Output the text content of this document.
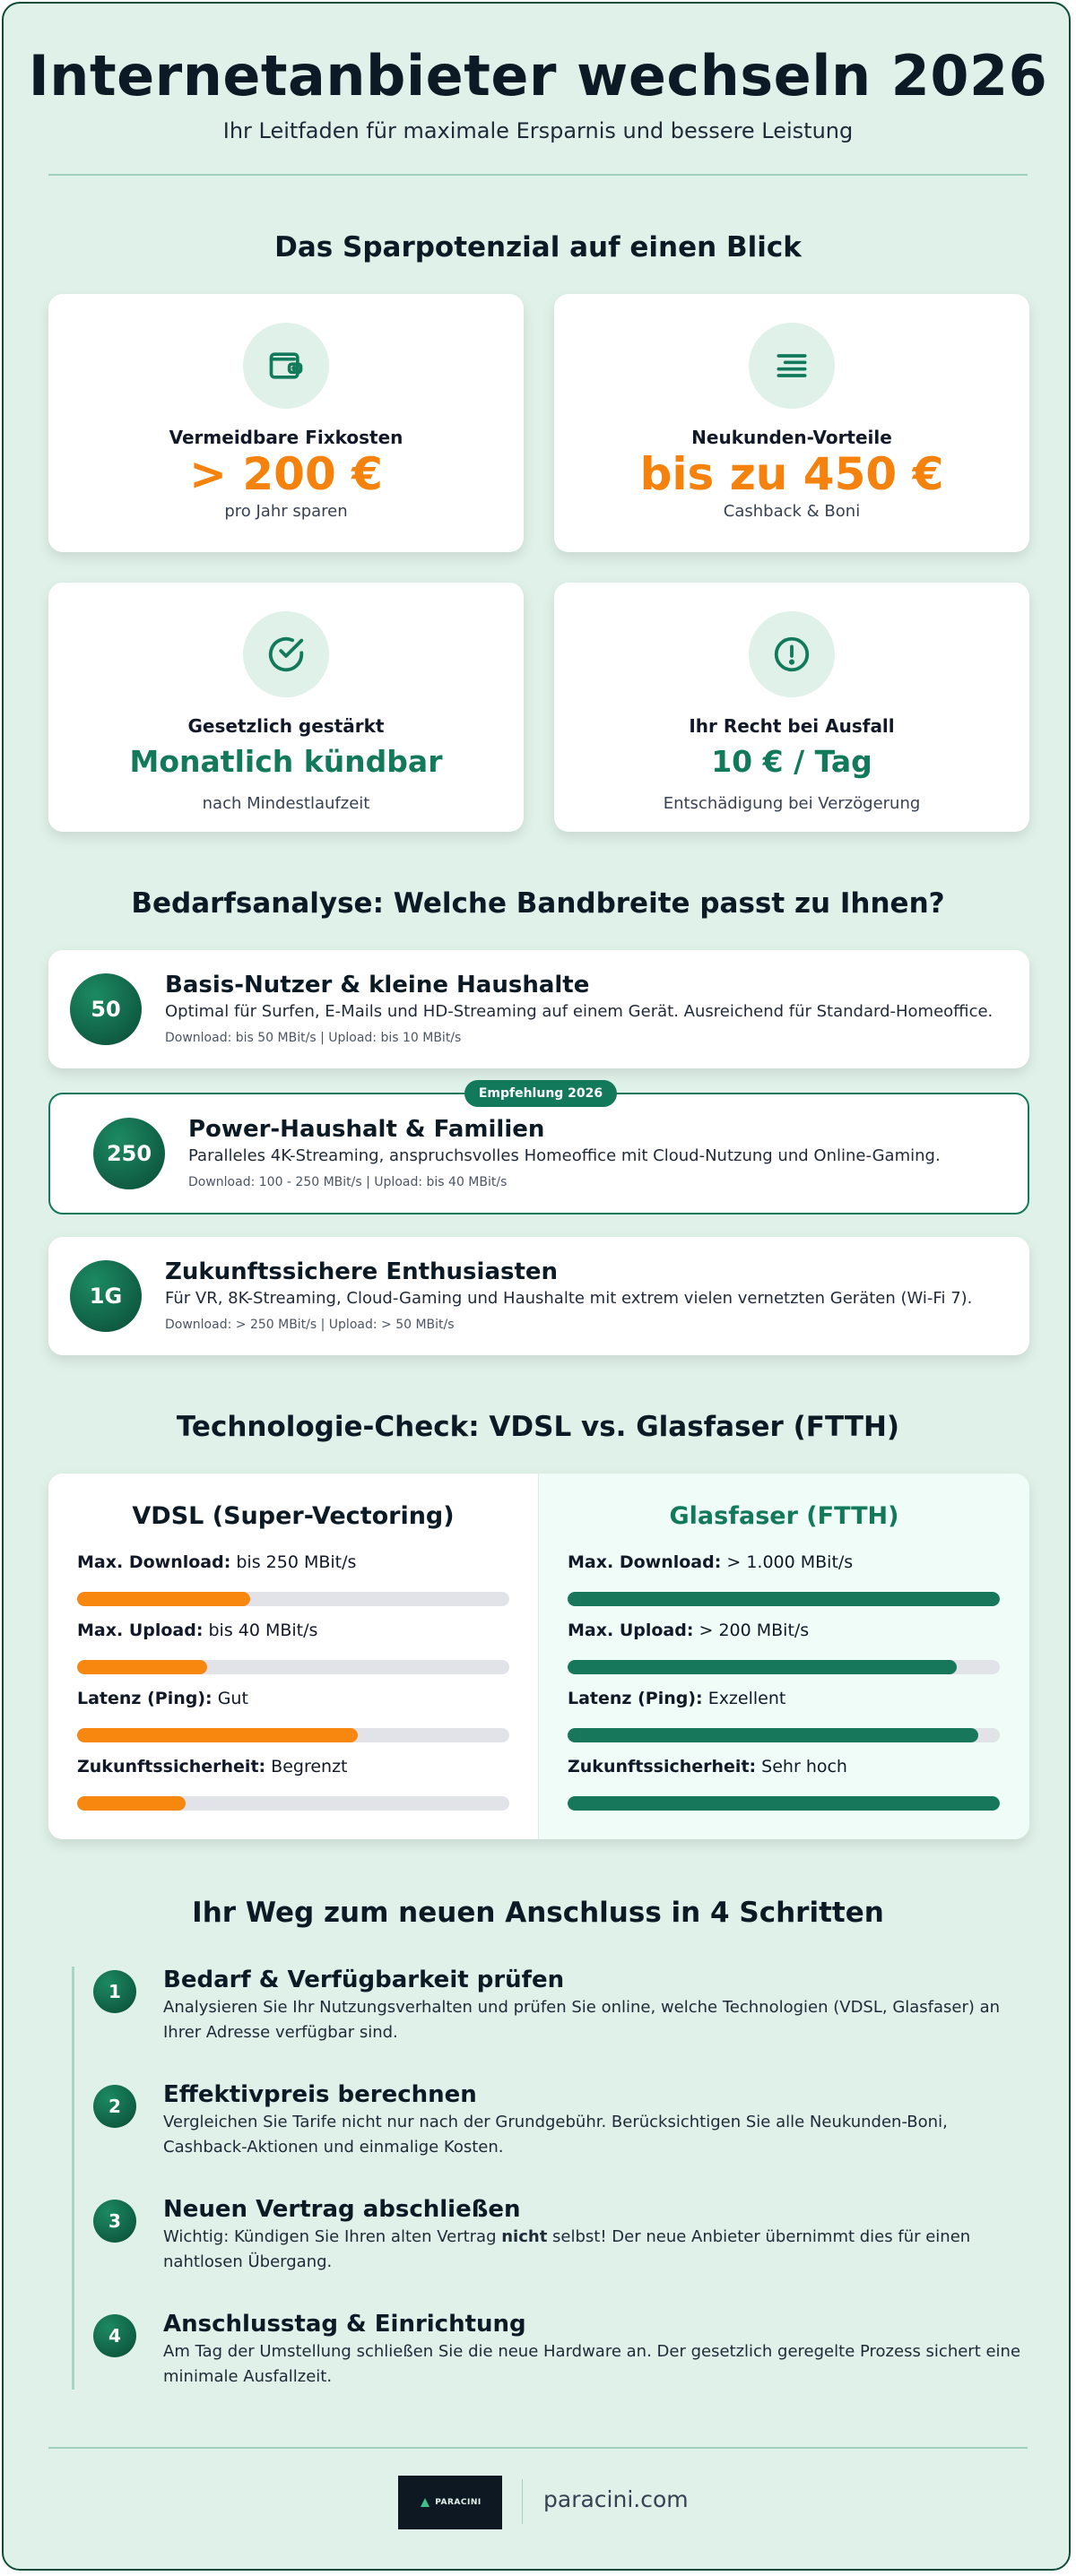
Internetanbieter wechseln 2026
Ihr Leitfaden für maximale Ersparnis und bessere Leistung
Das Sparpotenzial auf einen Blick
Vermeidbare Fixkosten
> 200 €
pro Jahr sparen
Neukunden-Vorteile
bis zu 450 €
Cashback & Boni
Gesetzlich gestärkt
Monatlich kündbar
nach Mindestlaufzeit
Ihr Recht bei Ausfall
10 € / Tag
Entschädigung bei Verzögerung
Bedarfsanalyse: Welche Bandbreite passt zu Ihnen?
50
Basis-Nutzer & kleine Haushalte
Optimal für Surfen, E-Mails und HD-Streaming auf einem Gerät. Ausreichend für Standard-Homeoffice.
Download: bis 50 MBit/s | Upload: bis 10 MBit/s
Empfehlung 2026
250
Power-Haushalt & Familien
Paralleles 4K-Streaming, anspruchsvolles Homeoffice mit Cloud-Nutzung und Online-Gaming.
Download: 100 - 250 MBit/s | Upload: bis 40 MBit/s
1G
Zukunftssichere Enthusiasten
Für VR, 8K-Streaming, Cloud-Gaming und Haushalte mit extrem vielen vernetzten Geräten (Wi-Fi 7).
Download: > 250 MBit/s | Upload: > 50 MBit/s
Technologie-Check: VDSL vs. Glasfaser (FTTH)
VDSL (Super-Vectoring)
Max. Download: bis 250 MBit/s
Max. Upload: bis 40 MBit/s
Latenz (Ping): Gut
Zukunftssicherheit: Begrenzt
Glasfaser (FTTH)
Max. Download: > 1.000 MBit/s
Max. Upload: > 200 MBit/s
Latenz (Ping): Exzellent
Zukunftssicherheit: Sehr hoch
Ihr Weg zum neuen Anschluss in 4 Schritten
1	Bedarf & Verfügbarkeit prüfen
Analysieren Sie Ihr Nutzungsverhalten und prüfen Sie online, welche Technologien (VDSL, Glasfaser) an Ihrer Adresse verfügbar sind.
2	Effektivpreis berechnen
Vergleichen Sie Tarife nicht nur nach der Grundgebühr. Berücksichtigen Sie alle Neukunden-Boni, Cashback-Aktionen und einmalige Kosten.
3	Neuen Vertrag abschließen
Wichtig: Kündigen Sie Ihren alten Vertrag nicht selbst! Der neue Anbieter übernimmt dies für einen nahtlosen Übergang.
4	Anschlusstag & Einrichtung
Am Tag der Umstellung schließen Sie die neue Hardware an. Der gesetzlich geregelte Prozess sichert eine minimale Ausfallzeit.
PARACINI	paracini.com
